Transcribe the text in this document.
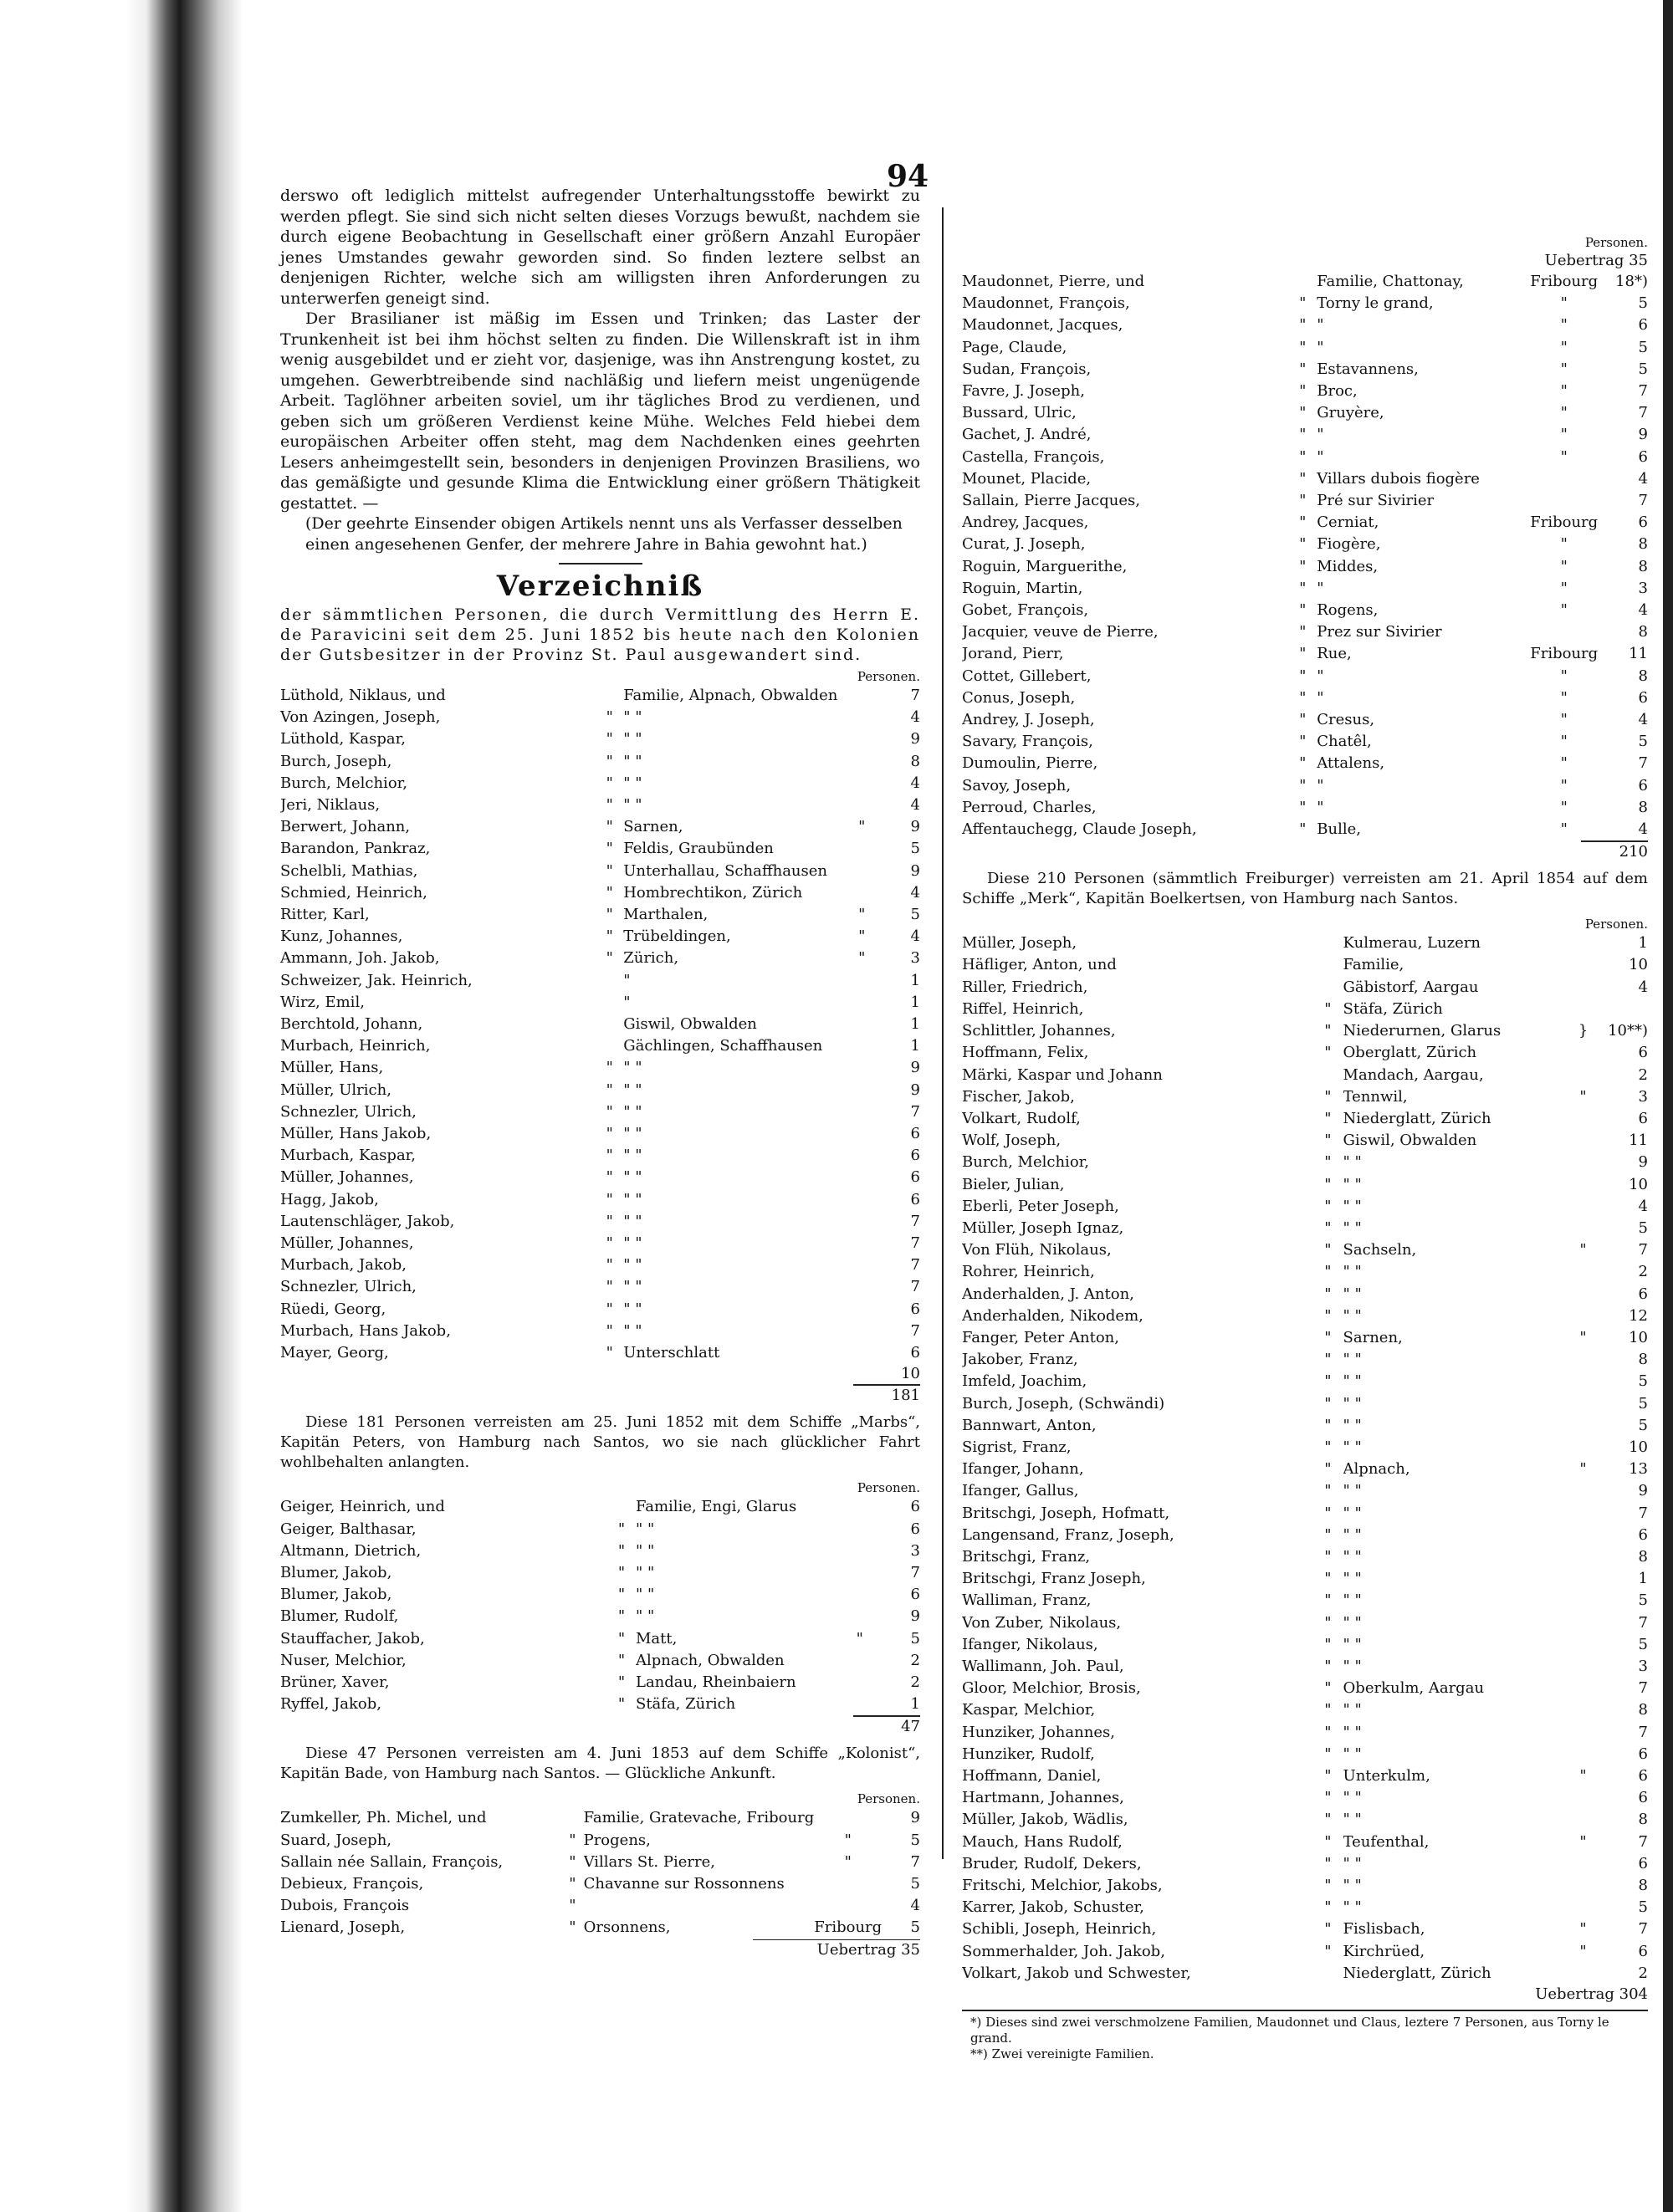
94

derswo oft lediglich mittelst aufregender Unterhaltungsstoffe bewirkt zu werden pflegt. Sie sind sich nicht selten dieses Vorzugs bewußt, nachdem sie durch eigene Beobachtung in Gesellschaft einer größern Anzahl Europäer jenes Umstandes gewahr geworden sind. So finden leztere selbst an denjenigen Richter, welche sich am willigsten ihren Anforderungen zu unterwerfen geneigt sind.

Der Brasilianer ist mäßig im Essen und Trinken; das Laster der Trunkenheit ist bei ihm höchst selten zu finden. Die Willenskraft ist in ihm wenig ausgebildet und er zieht vor, dasjenige, was ihn Anstrengung kostet, zu umgehen. Gewerbtreibende sind nachläßig und liefern meist ungenügende Arbeit. Taglöhner arbeiten soviel, um ihr tägliches Brod zu verdienen, und geben sich um größeren Verdienst keine Mühe. Welches Feld hiebei dem europäischen Arbeiter offen steht, mag dem Nachdenken eines geehrten Lesers anheimgestellt sein, besonders in denjenigen Provinzen Brasiliens, wo das gemäßigte und gesunde Klima die Entwicklung einer größern Thätigkeit gestattet. —

(Der geehrte Einsender obigen Artikels nennt uns als Verfasser desselben einen angesehenen Genfer, der mehrere Jahre in Bahia gewohnt hat.)

Verzeichniß

der sämmtlichen Personen, die durch Vermittlung des Herrn E. de Paravicini seit dem 25. Juni 1852 bis heute nach den Kolonien der Gutsbesitzer in der Provinz St. Paul ausgewandert sind.

Personen.
Lüthold, Niklaus, und		Familie, Alpnach, Obwalden		7
Von Azingen, Joseph,	"	" "		4
Lüthold, Kaspar,	"	" "		9
Burch, Joseph,	"	" "		8
Burch, Melchior,	"	" "		4
Jeri, Niklaus,	"	" "		4
Berwert, Johann,	"	Sarnen,	"	9
Barandon, Pankraz,	"	Feldis, Graubünden		5
Schelbli, Mathias,	"	Unterhallau, Schaffhausen		9
Schmied, Heinrich,	"	Hombrechtikon, Zürich		4
Ritter, Karl,	"	Marthalen,	"	5
Kunz, Johannes,	"	Trübeldingen,	"	4
Ammann, Joh. Jakob,	"	Zürich,	"	3
Schweizer, Jak. Heinrich,		"		1
Wirz, Emil,		"		1
Berchtold, Johann,		Giswil, Obwalden		1
Murbach, Heinrich,		Gächlingen, Schaffhausen		1
Müller, Hans,	"	" "		9
Müller, Ulrich,	"	" "		9
Schnezler, Ulrich,	"	" "		7
Müller, Hans Jakob,	"	" "		6
Murbach, Kaspar,	"	" "		6
Müller, Johannes,	"	" "		6
Hagg, Jakob,	"	" "		6
Lautenschläger, Jakob,	"	" "		7
Müller, Johannes,	"	" "		7
Murbach, Jakob,	"	" "		7
Schnezler, Ulrich,	"	" "		7
Rüedi, Georg,	"	" "		6
Murbach, Hans Jakob,	"	" "		7
Mayer, Georg,	"	Unterschlatt		6
10
181

Diese 181 Personen verreisten am 25. Juni 1852 mit dem Schiffe „Marbs“, Kapitän Peters, von Hamburg nach Santos, wo sie nach glücklicher Fahrt wohlbehalten anlangten.

Personen.
Geiger, Heinrich, und		Familie, Engi, Glarus		6
Geiger, Balthasar,	"	" "		6
Altmann, Dietrich,	"	" "		3
Blumer, Jakob,	"	" "		7
Blumer, Jakob,	"	" "		6
Blumer, Rudolf,	"	" "		9
Stauffacher, Jakob,	"	Matt,	"	5
Nuser, Melchior,	"	Alpnach, Obwalden		2
Brüner, Xaver,	"	Landau, Rheinbaiern		2
Ryffel, Jakob,	"	Stäfa, Zürich		1
47

Diese 47 Personen verreisten am 4. Juni 1853 auf dem Schiffe „Kolonist“, Kapitän Bade, von Hamburg nach Santos. — Glückliche Ankunft.

Personen.
Zumkeller, Ph. Michel, und		Familie, Gratevache, Fribourg		9
Suard, Joseph,	"	Progens,	"	5
Sallain née Sallain, François,	"	Villars St. Pierre,	"	7
Debieux, François,	"	Chavanne sur Rossonnens		5
Dubois, François	"			4
Lienard, Joseph,	"	Orsonnens,	Fribourg	5
Uebertrag 35
Personen.
Uebertrag 35
Maudonnet, Pierre, und		Familie, Chattonay,	Fribourg	18*)
Maudonnet, François,	"	Torny le grand,	"	5
Maudonnet, Jacques,	"	"	"	6
Page, Claude,	"	"	"	5
Sudan, François,	"	Estavannens,	"	5
Favre, J. Joseph,	"	Broc,	"	7
Bussard, Ulric,	"	Gruyère,	"	7
Gachet, J. André,	"	"	"	9
Castella, François,	"	"	"	6
Mounet, Placide,	"	Villars dubois fiogère		4
Sallain, Pierre Jacques,	"	Pré sur Sivirier		7
Andrey, Jacques,	"	Cerniat,	Fribourg	6
Curat, J. Joseph,	"	Fiogère,	"	8
Roguin, Marguerithe,	"	Middes,	"	8
Roguin, Martin,	"	"	"	3
Gobet, François,	"	Rogens,	"	4
Jacquier, veuve de Pierre,	"	Prez sur Sivirier		8
Jorand, Pierr,	"	Rue,	Fribourg	11
Cottet, Gillebert,	"	"	"	8
Conus, Joseph,	"	"	"	6
Andrey, J. Joseph,	"	Cresus,	"	4
Savary, François,	"	Chatêl,	"	5
Dumoulin, Pierre,	"	Attalens,	"	7
Savoy, Joseph,	"	"	"	6
Perroud, Charles,	"	"	"	8
Affentauchegg, Claude Joseph,	"	Bulle,	"	4
210

Diese 210 Personen (sämmtlich Freiburger) verreisten am 21. April 1854 auf dem Schiffe „Merk“, Kapitän Boelkertsen, von Hamburg nach Santos.

Personen.
Müller, Joseph,		Kulmerau, Luzern		1
Häfliger, Anton, und		Familie,		10
Riller, Friedrich,		Gäbistorf, Aargau		4
Riffel, Heinrich,	"	Stäfa, Zürich		
Schlittler, Johannes,	"	Niederurnen, Glarus	}	10**)
Hoffmann, Felix,	"	Oberglatt, Zürich		6
Märki, Kaspar und Johann		Mandach, Aargau,		2
Fischer, Jakob,	"	Tennwil,	"	3
Volkart, Rudolf,	"	Niederglatt, Zürich		6
Wolf, Joseph,	"	Giswil, Obwalden		11
Burch, Melchior,	"	" "		9
Bieler, Julian,	"	" "		10
Eberli, Peter Joseph,	"	" "		4
Müller, Joseph Ignaz,	"	" "		5
Von Flüh, Nikolaus,	"	Sachseln,	"	7
Rohrer, Heinrich,	"	" "		2
Anderhalden, J. Anton,	"	" "		6
Anderhalden, Nikodem,	"	" "		12
Fanger, Peter Anton,	"	Sarnen,	"	10
Jakober, Franz,	"	" "		8
Imfeld, Joachim,	"	" "		5
Burch, Joseph, (Schwändi)	"	" "		5
Bannwart, Anton,	"	" "		5
Sigrist, Franz,	"	" "		10
Ifanger, Johann,	"	Alpnach,	"	13
Ifanger, Gallus,	"	" "		9
Britschgi, Joseph, Hofmatt,	"	" "		7
Langensand, Franz, Joseph,	"	" "		6
Britschgi, Franz,	"	" "		8
Britschgi, Franz Joseph,	"	" "		1
Walliman, Franz,	"	" "		5
Von Zuber, Nikolaus,	"	" "		7
Ifanger, Nikolaus,	"	" "		5
Wallimann, Joh. Paul,	"	" "		3
Gloor, Melchior, Brosis,	"	Oberkulm, Aargau		7
Kaspar, Melchior,	"	" "		8
Hunziker, Johannes,	"	" "		7
Hunziker, Rudolf,	"	" "		6
Hoffmann, Daniel,	"	Unterkulm,	"	6
Hartmann, Johannes,	"	" "		6
Müller, Jakob, Wädlis,	"	" "		8
Mauch, Hans Rudolf,	"	Teufenthal,	"	7
Bruder, Rudolf, Dekers,	"	" "		6
Fritschi, Melchior, Jakobs,	"	" "		8
Karrer, Jakob, Schuster,	"	" "		5
Schibli, Joseph, Heinrich,	"	Fislisbach,	"	7
Sommerhalder, Joh. Jakob,	"	Kirchrüed,	"	6
Volkart, Jakob und Schwester,		Niederglatt, Zürich		2
Uebertrag 304

*) Dieses sind zwei verschmolzene Familien, Maudonnet und Claus, leztere 7 Personen, aus Torny le grand.

**) Zwei vereinigte Familien.
